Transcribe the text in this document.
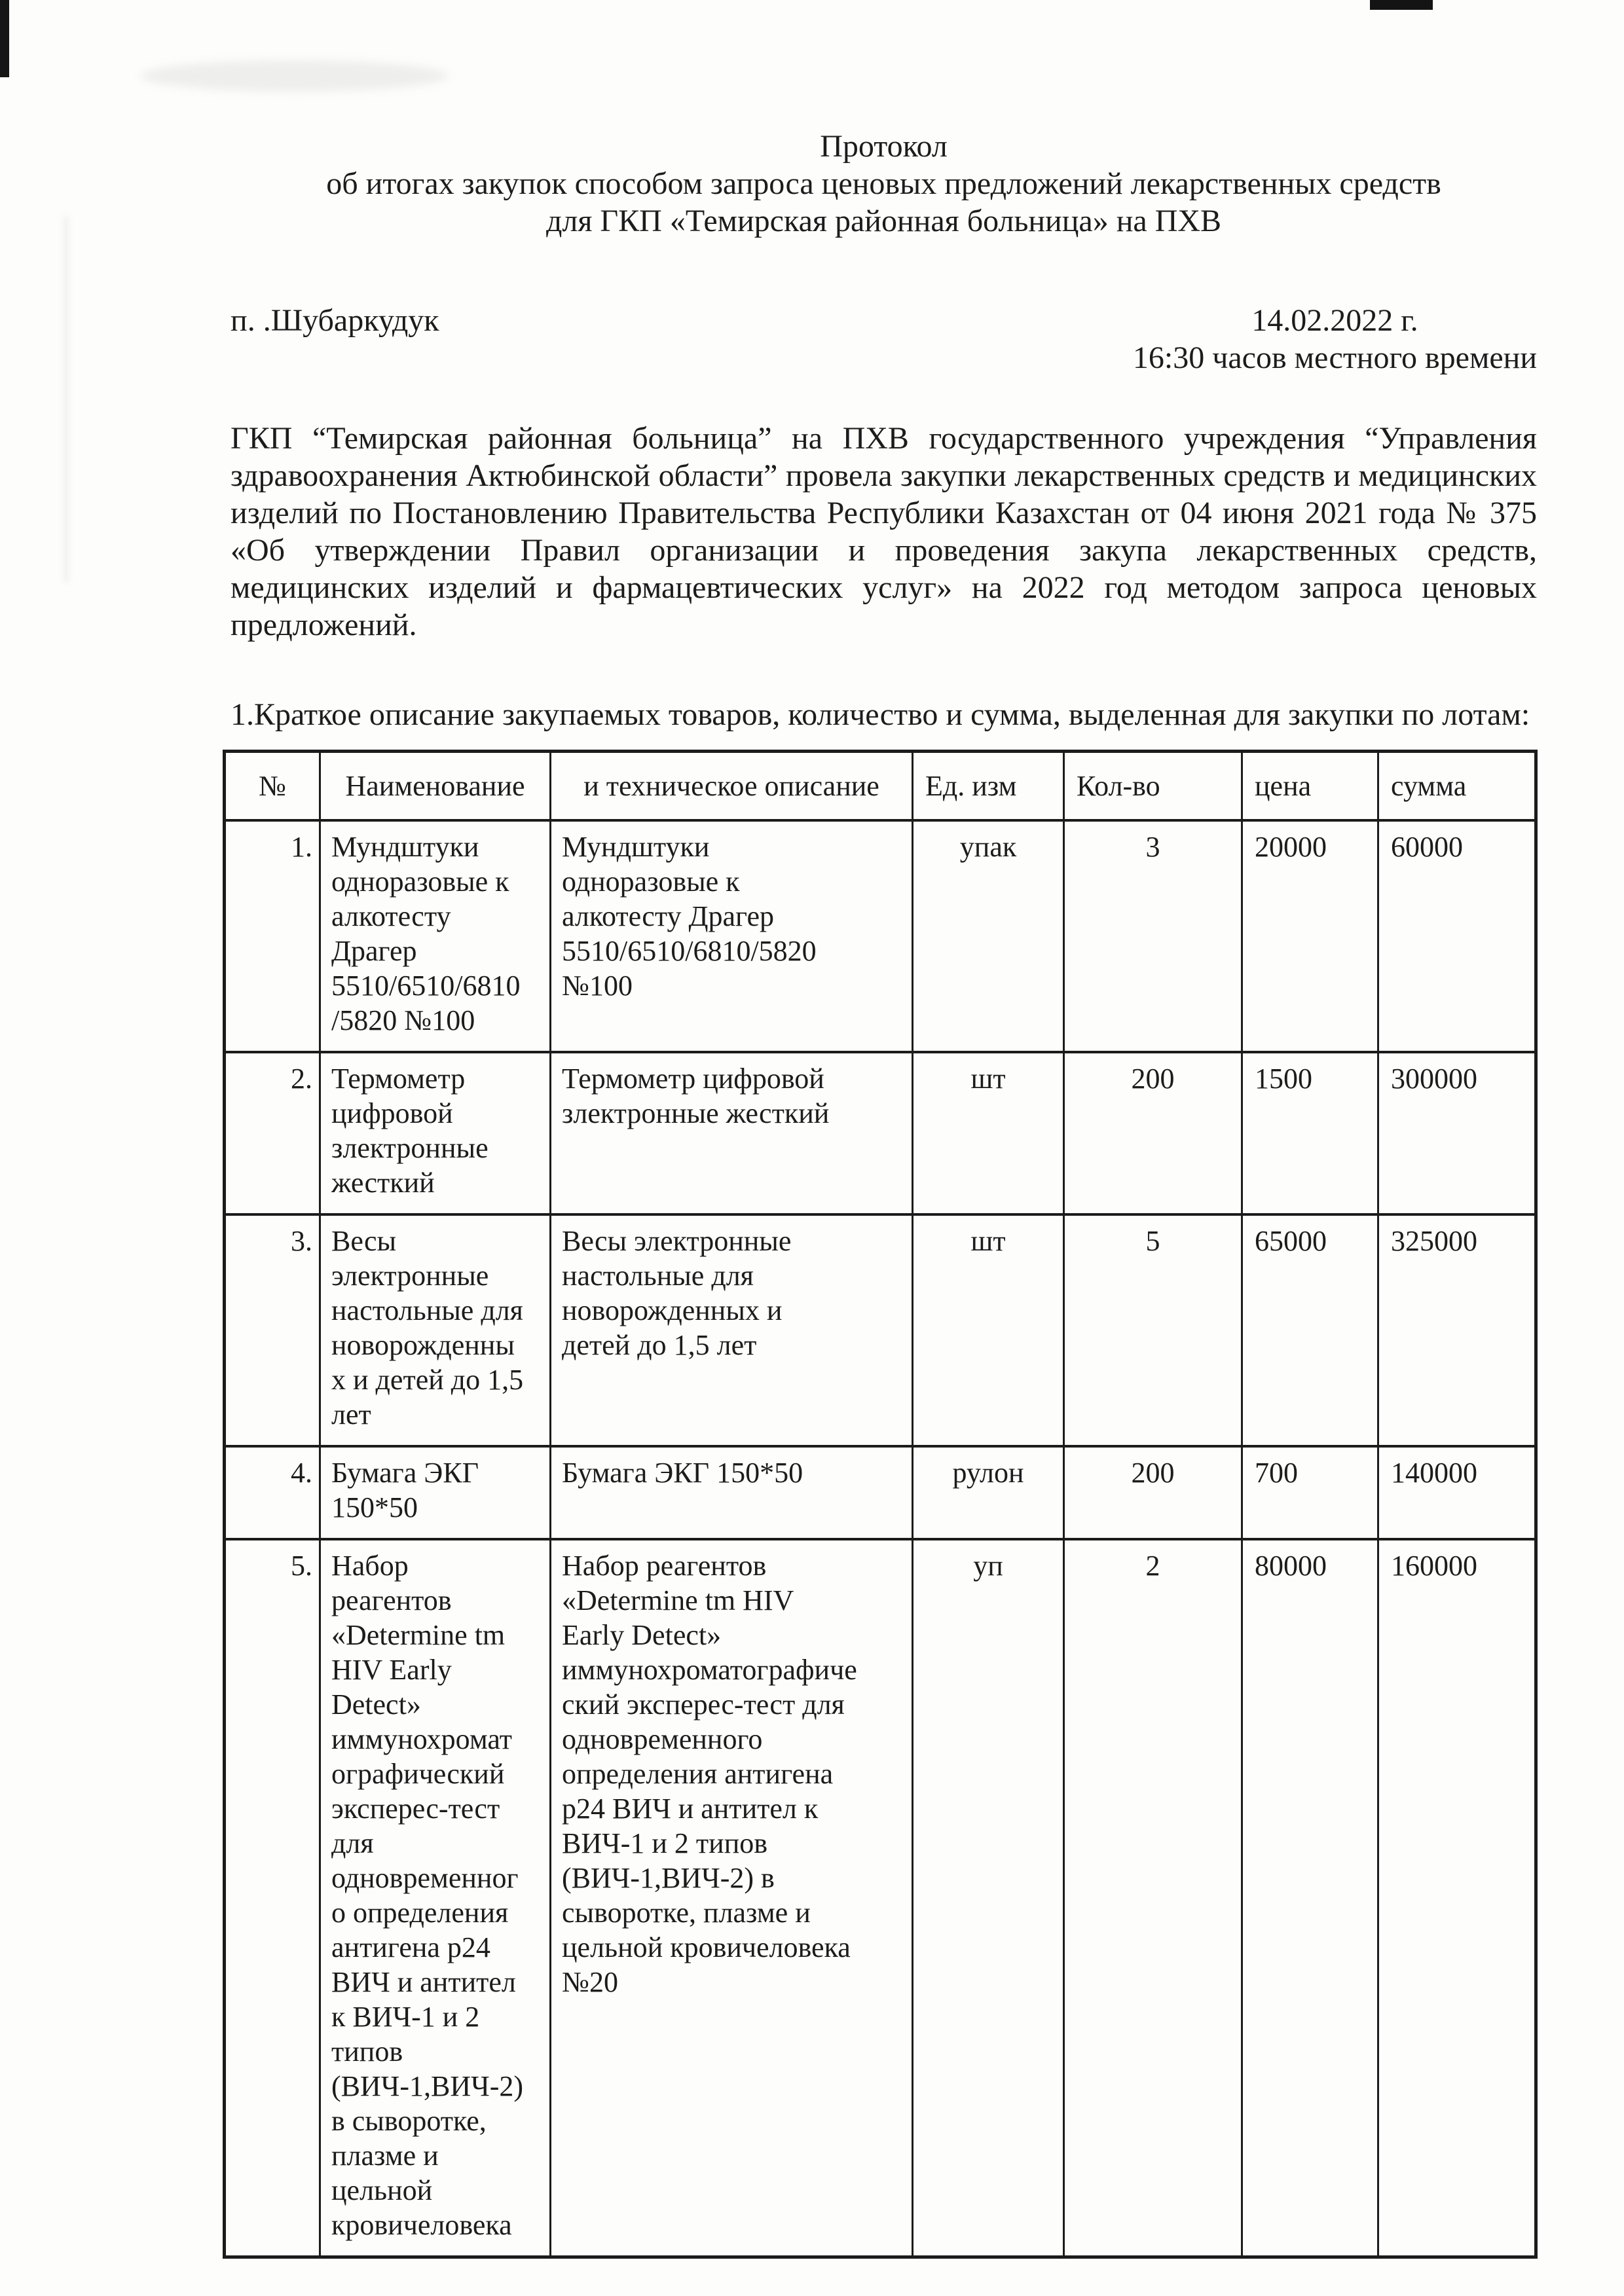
Протокол
об итогах закупок способом запроса ценовых предложений лекарственных средств
для ГКП «Темирская районная больница» на ПХВ
п. .Шубаркудук	14.02.2022 г.
16:30 часов местного времени

ГКП “Темирская районная больница” на ПХВ государственного учреждения “Управления здравоохранения Актюбинской области” провела закупки лекарственных средств и медицинских изделий по Постановлению Правительства Республики Казахстан от 04 июня 2021 года № 375 «Об утверждении Правил организации и проведения закупа лекарственных средств, медицинских изделий и фармацевтических услуг» на 2022 год методом запроса ценовых предложений.

1.Краткое описание закупаемых товаров, количество и сумма, выделенная для закупки по лотам:

№	Наименование	и техническое описание	Ед. изм	Кол-во	цена	сумма
1.	Мундштуки одноразовые к алкотесту Драгер 5510/6510/6810 /5820 №100	Мундштуки одноразовые к алкотесту Драгер 5510/6510/6810/5820 №100	упак	3	20000	60000
2.	Термометр цифровой злектронные жесткий	Термометр цифровой злектронные жесткий	шт	200	1500	300000
3.	Весы электронные настольные для новорожденны х и детей до 1,5 лет	Весы электронные настольные для новорожденных и детей до 1,5 лет	шт	5	65000	325000
4.	Бумага ЭКГ 150*50	Бумага ЭКГ 150*50	рулон	200	700	140000
5.	Набор реагентов «Determine tm HIV Early Detect» иммунохромат ографический эксперес-тест для одновременног о определения антигена р24 ВИЧ и антител к ВИЧ-1 и 2 типов (ВИЧ-1,ВИЧ-2) в сыворотке, плазме и цельной кровичеловека	Набор реагентов «Determine tm HIV Early Detect» иммунохроматографиче ский эксперес-тест для одновременного определения антигена р24 ВИЧ и антител к ВИЧ-1 и 2 типов (ВИЧ-1,ВИЧ-2) в сыворотке, плазме и цельной кровичеловека №20	уп	2	80000	160000
